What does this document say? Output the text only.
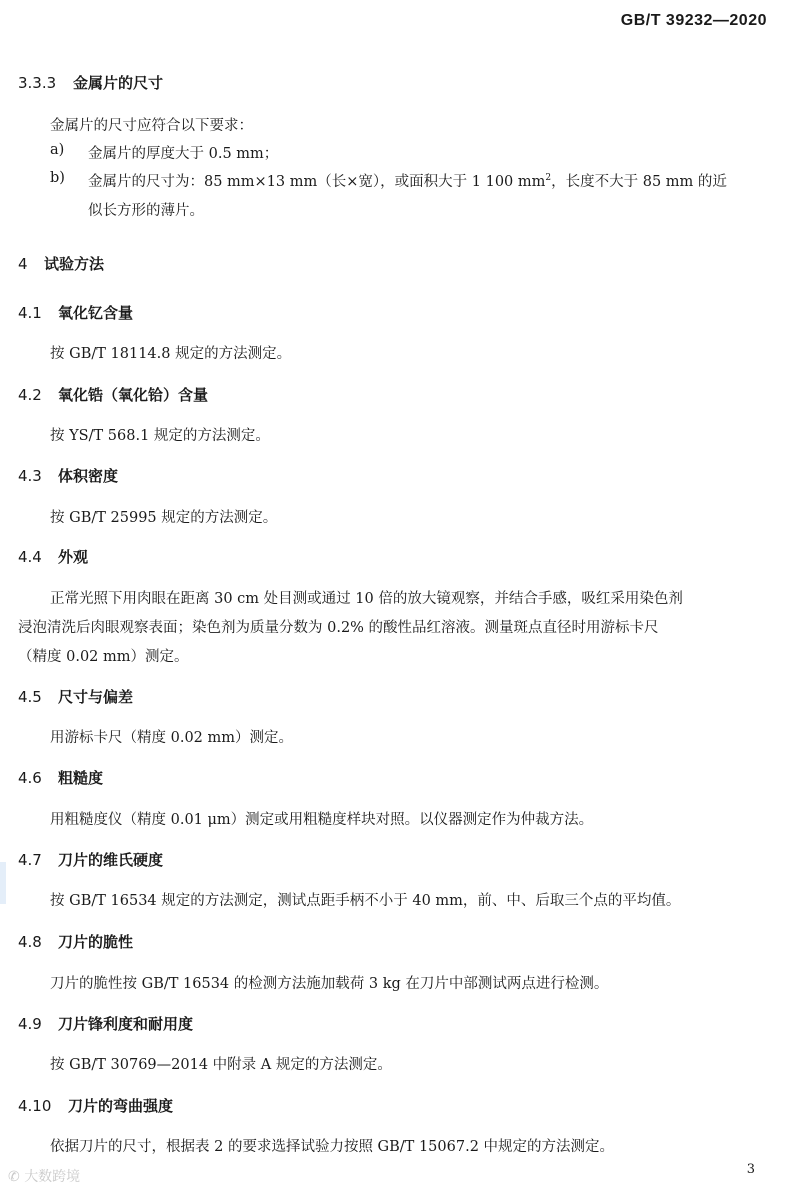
GB/T 39232—2020
3.3.3 金属片的尺寸
金属片的尺寸应符合以下要求：
a) 金属片的厚度大于 0.5 mm；
b) 金属片的尺寸为：85 mm×13 mm（长×宽），或面积大于 1 100 $mm^2$，长度不大于 85 mm 的近
似长方形的薄片。
4 试验方法
4.1 氧化钇含量
按 GB/T 18114.8 规定的方法测定。
4.2 氧化锆（氧化铪）含量
按 YS/T 568.1 规定的方法测定。
4.3 体积密度
按 GB/T 25995 规定的方法测定。
4.4 外观
正常光照下用肉眼在距离 30 cm 处目测或通过 10 倍的放大镜观察，并结合手感，吸红采用染色剂
浸泡清洗后肉眼观察表面；染色剂为质量分数为 0.2% 的酸性品红溶液。测量斑点直径时用游标卡尺
（精度 0.02 mm）测定。
4.5 尺寸与偏差
用游标卡尺（精度 0.02 mm）测定。
4.6 粗糙度
用粗糙度仪（精度 0.01 μm）测定或用粗糙度样块对照。以仪器测定作为仲裁方法。
4.7 刀片的维氏硬度
按 GB/T 16534 规定的方法测定，测试点距手柄不小于 40 mm，前、中、后取三个点的平均值。
4.8 刀片的脆性
刀片的脆性按 GB/T 16534 的检测方法施加载荷 3 kg 在刀片中部测试两点进行检测。
4.9 刀片锋利度和耐用度
按 GB/T 30769—2014 中附录 A 规定的方法测定。
4.10 刀片的弯曲强度
依据刀片的尺寸，根据表 2 的要求选择试验力按照 GB/T 15067.2 中规定的方法测定。
✆ 大数跨境	3
